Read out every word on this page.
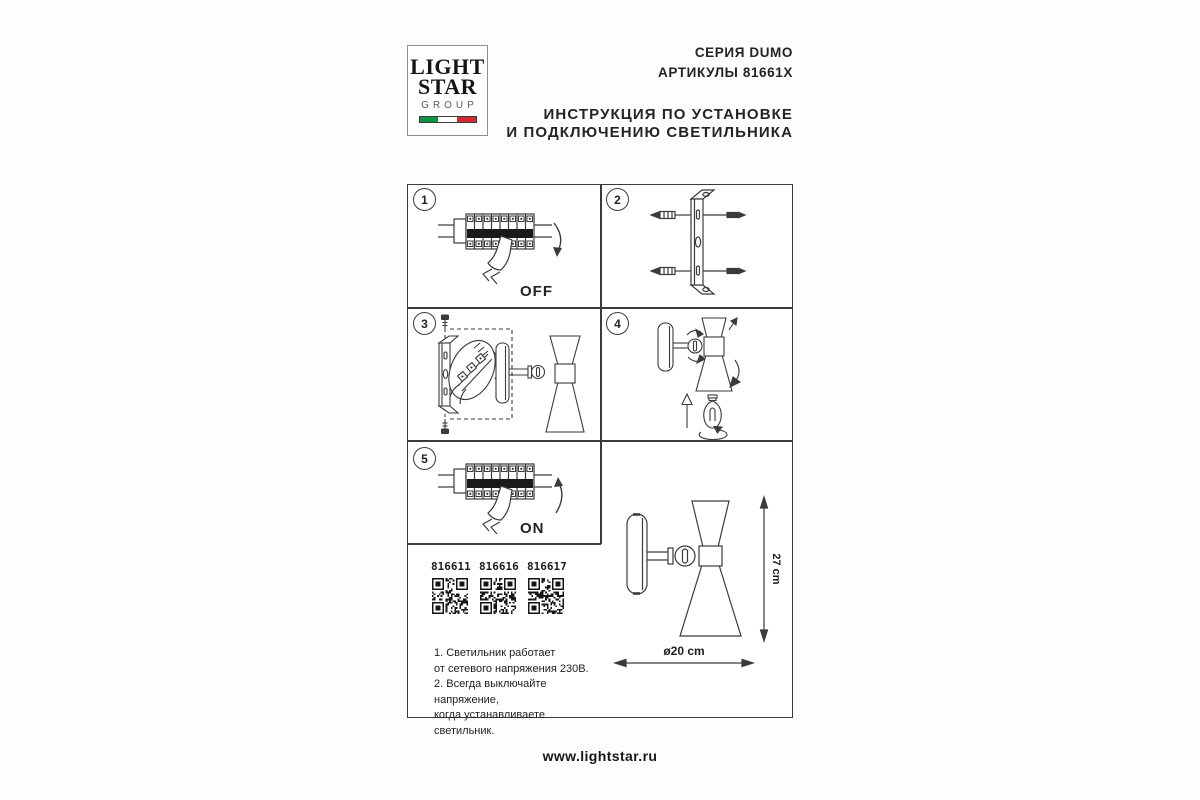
LIGHT
STAR
GROUP
СЕРИЯ DUMO
АРТИКУЛЫ 81661X
ИНСТРУКЦИЯ ПО УСТАНОВКЕ
И ПОДКЛЮЧЕНИЮ СВЕТИЛЬНИКА
1	2
3	4
5
OFF
ON
816611 816616 816617
1. Светильник работает
от сетевого напряжения 230В.
2. Всегда выключайте напряжение,
когда устанавливаете светильник.
27 cm
ø20 cm
www.lightstar.ru
